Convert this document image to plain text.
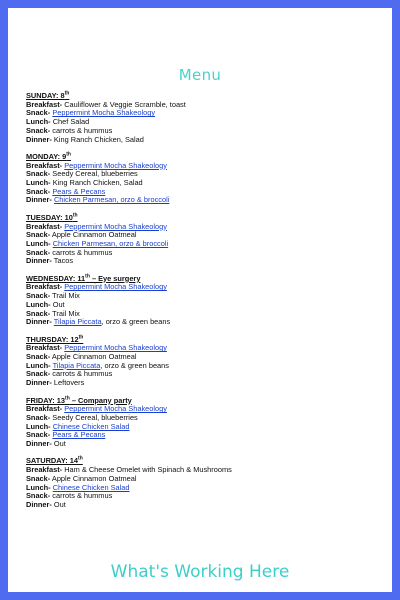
Menu
SUNDAY: 8th
Breakfast- Cauliflower & Veggie Scramble, toast
Snack- Peppermint Mocha Shakeology
Lunch- Chef Salad
Snack- carrots & hummus
Dinner- King Ranch Chicken, Salad
MONDAY: 9th
Breakfast- Peppermint Mocha Shakeology
Snack- Seedy Cereal, blueberries
Lunch- King Ranch Chicken, Salad
Snack- Pears & Pecans
Dinner- Chicken Parmesan, orzo & broccoli
TUESDAY: 10th
Breakfast- Peppermint Mocha Shakeology
Snack- Apple Cinnamon Oatmeal
Lunch- Chicken Parmesan, orzo & broccoli
Snack- carrots & hummus
Dinner- Tacos
WEDNESDAY: 11th – Eye surgery
Breakfast- Peppermint Mocha Shakeology
Snack- Trail Mix
Lunch- Out
Snack- Trail Mix
Dinner- Tilapia Piccata, orzo & green beans
THURSDAY: 12th
Breakfast- Peppermint Mocha Shakeology
Snack- Apple Cinnamon Oatmeal
Lunch- Tilapia Piccata, orzo & green beans
Snack- carrots & hummus
Dinner- Leftovers
FRIDAY: 13th – Company party
Breakfast- Peppermint Mocha Shakeology
Snack- Seedy Cereal, blueberries
Lunch- Chinese Chicken Salad
Snack- Pears & Pecans
Dinner- Out
SATURDAY: 14th
Breakfast- Ham & Cheese Omelet with Spinach & Mushrooms
Snack- Apple Cinnamon Oatmeal
Lunch- Chinese Chicken Salad
Snack- carrots & hummus
Dinner- Out
What's Working Here
